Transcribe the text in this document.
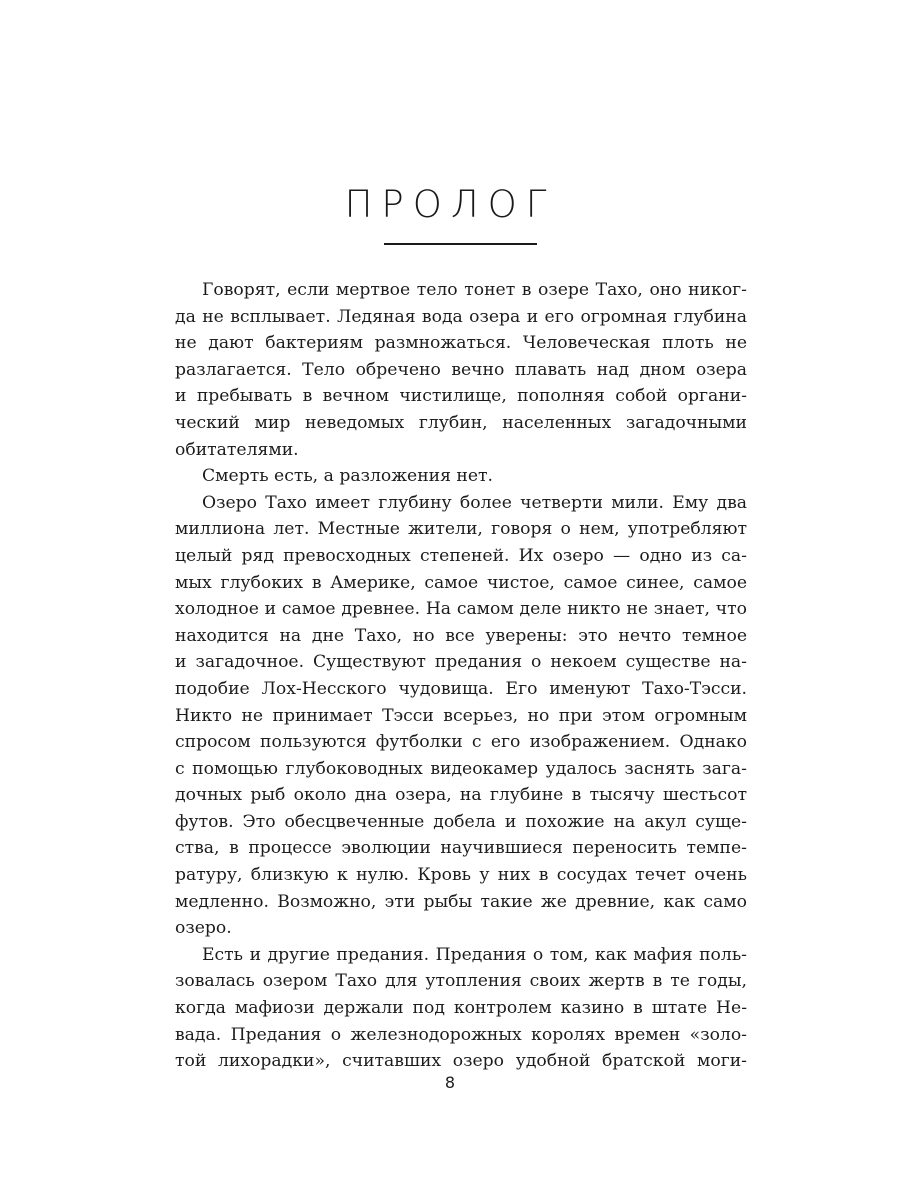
ПРОЛОГ
Говорят, если мертвое тело тонет в озере Тахо, оно никог-
да не всплывает. Ледяная вода озера и его огромная глубина
не дают бактериям размножаться. Человеческая плоть не
разлагается. Тело обречено вечно плавать над дном озера
и пребывать в вечном чистилище, пополняя собой органи-
ческий мир неведомых глубин, населенных загадочными
обитателями.
Смерть есть, а разложения нет.
Озеро Тахо имеет глубину более четверти мили. Ему два
миллиона лет. Местные жители, говоря о нем, употребляют
целый ряд превосходных степеней. Их озеро — одно из са-
мых глубоких в Америке, самое чистое, самое синее, самое
холодное и самое древнее. На самом деле никто не знает, что
находится на дне Тахо, но все уверены: это нечто темное
и загадочное. Существуют предания о некоем существе на-
подобие Лох-Несского чудовища. Его именуют Тахо-Тэсси.
Никто не принимает Тэсси всерьез, но при этом огромным
спросом пользуются футболки с его изображением. Однако
с помощью глубоководных видеокамер удалось заснять зага-
дочных рыб около дна озера, на глубине в тысячу шестьсот
футов. Это обесцвеченные добела и похожие на акул суще-
ства, в процессе эволюции научившиеся переносить темпе-
ратуру, близкую к нулю. Кровь у них в сосудах течет очень
медленно. Возможно, эти рыбы такие же древние, как само
озеро.
Есть и другие предания. Предания о том, как мафия поль-
зовалась озером Тахо для утопления своих жертв в те годы,
когда мафиози держали под контролем казино в штате Не-
вада. Предания о железнодорожных королях времен «золо-
той лихорадки», считавших озеро удобной братской моги-
8
